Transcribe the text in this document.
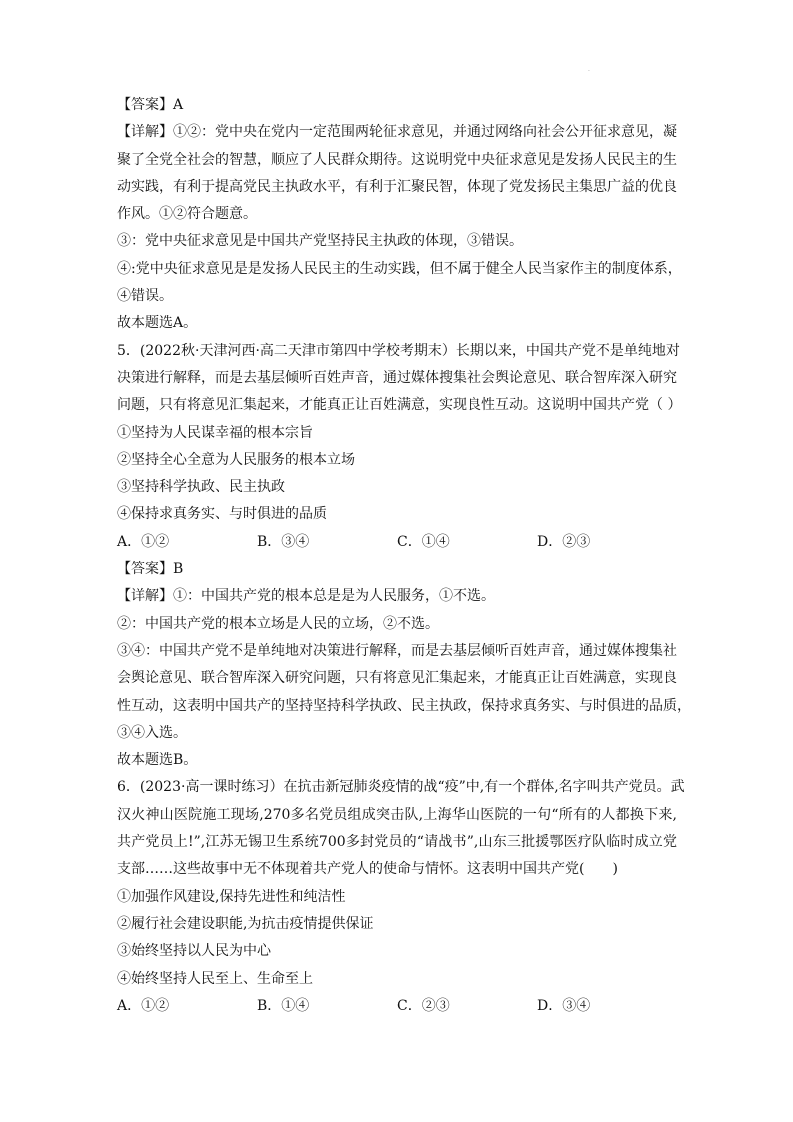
·
【答案】A
【详解】①②：党中央在党内一定范围两轮征求意见，并通过网络向社会公开征求意见，凝
聚了全党全社会的智慧，顺应了人民群众期待。这说明党中央征求意见是发扬人民民主的生
动实践，有利于提高党民主执政水平，有利于汇聚民智，体现了党发扬民主集思广益的优良
作风。①②符合题意。
③：党中央征求意见是中国共产党坚持民主执政的体现，③错误。
④:党中央征求意见是是发扬人民民主的生动实践，但不属于健全人民当家作主的制度体系，
④错误。
故本题选A。
5．(2022秋·天津河西·高二天津市第四中学校考期末）长期以来，中国共产党不是单纯地对
决策进行解释，而是去基层倾听百姓声音，通过媒体搜集社会舆论意见、联合智库深入研究
问题，只有将意见汇集起来，才能真正让百姓满意，实现良性互动。这说明中国共产党（ ）
①坚持为人民谋幸福的根本宗旨
②坚持全心全意为人民服务的根本立场
③坚持科学执政、民主执政
④保持求真务实、与时俱进的品质
A．①②	B．③④	C．①④	D．②③
【答案】B
【详解】①：中国共产党的根本总是是为人民服务，①不选。
②：中国共产党的根本立场是人民的立场，②不选。
③④：中国共产党不是单纯地对决策进行解释，而是去基层倾听百姓声音，通过媒体搜集社
会舆论意见、联合智库深入研究问题，只有将意见汇集起来，才能真正让百姓满意，实现良
性互动，这表明中国共产的坚持坚持科学执政、民主执政，保持求真务实、与时俱进的品质，
③④入选。
故本题选B。
6．(2023·高一课时练习）在抗击新冠肺炎疫情的战“疫”中,有一个群体,名字叫共产党员。武
汉火神山医院施工现场,270多名党员组成突击队,上海华山医院的一句“所有的人都换下来,
共产党员上!”,江苏无锡卫生系统700多封党员的“请战书”,山东三批援鄂医疗队临时成立党
支部……这些故事中无不体现着共产党人的使命与情怀。这表明中国共产党(　　)
①加强作风建设,保持先进性和纯洁性
②履行社会建设职能,为抗击疫情提供保证
③始终坚持以人民为中心
④始终坚持人民至上、生命至上
A．①②	B．①④	C．②③	D．③④
